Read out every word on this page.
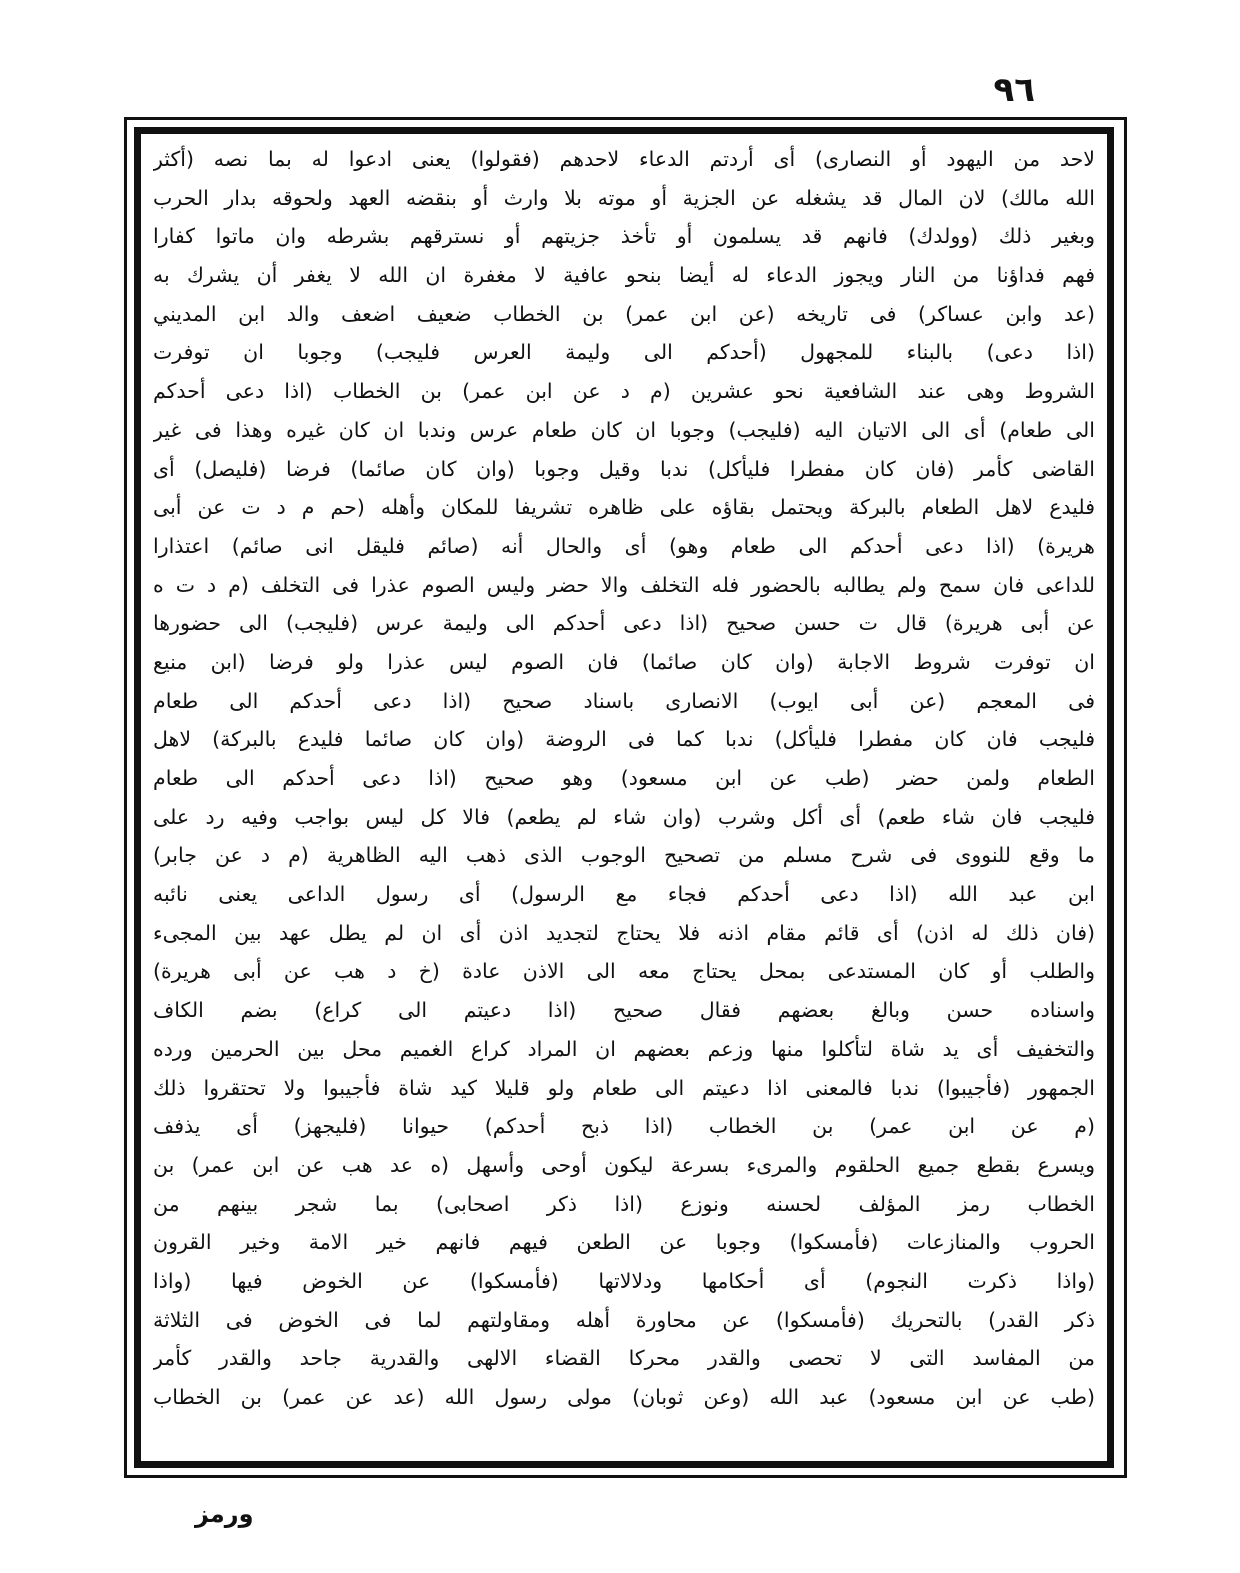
٩٦
لاحد من اليهود أو النصارى) أى أردتم الدعاء لاحدهم (فقولوا) يعنى ادعوا له بما نصه (أكثر
الله مالك) لان المال قد يشغله عن الجزية أو موته بلا وارث أو بنقضه العهد ولحوقه بدار الحرب
وبغير ذلك (وولدك) فانهم قد يسلمون أو تأخذ جزيتهم أو نسترقهم بشرطه وان ماتوا كفارا
فهم فداؤنا من النار ويجوز الدعاء له أيضا بنحو عافية لا مغفرة ان الله لا يغفر أن يشرك به
(عد وابن عساكر) فى تاريخه (عن ابن عمر) بن الخطاب ضعيف اضعف والد ابن المديني
(اذا دعى) بالبناء للمجهول (أحدكم الى وليمة العرس فليجب) وجوبا ان توفرت
الشروط وهى عند الشافعية نحو عشرين (م د عن ابن عمر) بن الخطاب (اذا دعى أحدكم
الى طعام) أى الى الاتيان اليه (فليجب) وجوبا ان كان طعام عرس وندبا ان كان غيره وهذا فى غير
القاضى كأمر (فان كان مفطرا فليأكل) ندبا وقيل وجوبا (وان كان صائما) فرضا (فليصل) أى
فليدع لاهل الطعام بالبركة ويحتمل بقاؤه على ظاهره تشريفا للمكان وأهله (حم م د ت عن أبى
هريرة) (اذا دعى أحدكم الى طعام وهو) أى والحال أنه (صائم فليقل انى صائم) اعتذارا
للداعى فان سمح ولم يطالبه بالحضور فله التخلف والا حضر وليس الصوم عذرا فى التخلف (م د ت ه
عن أبى هريرة) قال ت حسن صحيح (اذا دعى أحدكم الى وليمة عرس (فليجب) الى حضورها
ان توفرت شروط الاجابة (وان كان صائما) فان الصوم ليس عذرا ولو فرضا (ابن منيع
فى المعجم (عن أبى ايوب) الانصارى باسناد صحيح (اذا دعى أحدكم الى طعام
فليجب فان كان مفطرا فليأكل) ندبا كما فى الروضة (وان كان صائما فليدع بالبركة) لاهل
الطعام ولمن حضر (طب عن ابن مسعود) وهو صحيح (اذا دعى أحدكم الى طعام
فليجب فان شاء طعم) أى أكل وشرب (وان شاء لم يطعم) فالا كل ليس بواجب وفيه رد على
ما وقع للنووى فى شرح مسلم من تصحيح الوجوب الذى ذهب اليه الظاهرية (م د عن جابر)
ابن عبد الله (اذا دعى أحدكم فجاء مع الرسول) أى رسول الداعى يعنى نائبه
(فان ذلك له اذن) أى قائم مقام اذنه فلا يحتاج لتجديد اذن أى ان لم يطل عهد بين المجىء
والطلب أو كان المستدعى بمحل يحتاج معه الى الاذن عادة (خ د هب عن أبى هريرة)
واسناده حسن وبالغ بعضهم فقال صحيح (اذا دعيتم الى كراع) بضم الكاف
والتخفيف أى يد شاة لتأكلوا منها وزعم بعضهم ان المراد كراع الغميم محل بين الحرمين ورده
الجمهور (فأجيبوا) ندبا فالمعنى اذا دعيتم الى طعام ولو قليلا كيد شاة فأجيبوا ولا تحتقروا ذلك
(م عن ابن عمر) بن الخطاب (اذا ذبح أحدكم) حيوانا (فليجهز) أى يذفف
ويسرع بقطع جميع الحلقوم والمرىء بسرعة ليكون أوحى وأسهل (ه عد هب عن ابن عمر) بن
الخطاب رمز المؤلف لحسنه ونوزع (اذا ذكر اصحابى) بما شجر بينهم من
الحروب والمنازعات (فأمسكوا) وجوبا عن الطعن فيهم فانهم خير الامة وخير القرون
(واذا ذكرت النجوم) أى أحكامها ودلالاتها (فأمسكوا) عن الخوض فيها (واذا
ذكر القدر) بالتحريك (فأمسكوا) عن محاورة أهله ومقاولتهم لما فى الخوض فى الثلاثة
من المفاسد التى لا تحصى والقدر محركا القضاء الالهى والقدرية جاحد والقدر كأمر
(طب عن ابن مسعود) عبد الله (وعن ثوبان) مولى رسول الله (عد عن عمر) بن الخطاب
ورمز
